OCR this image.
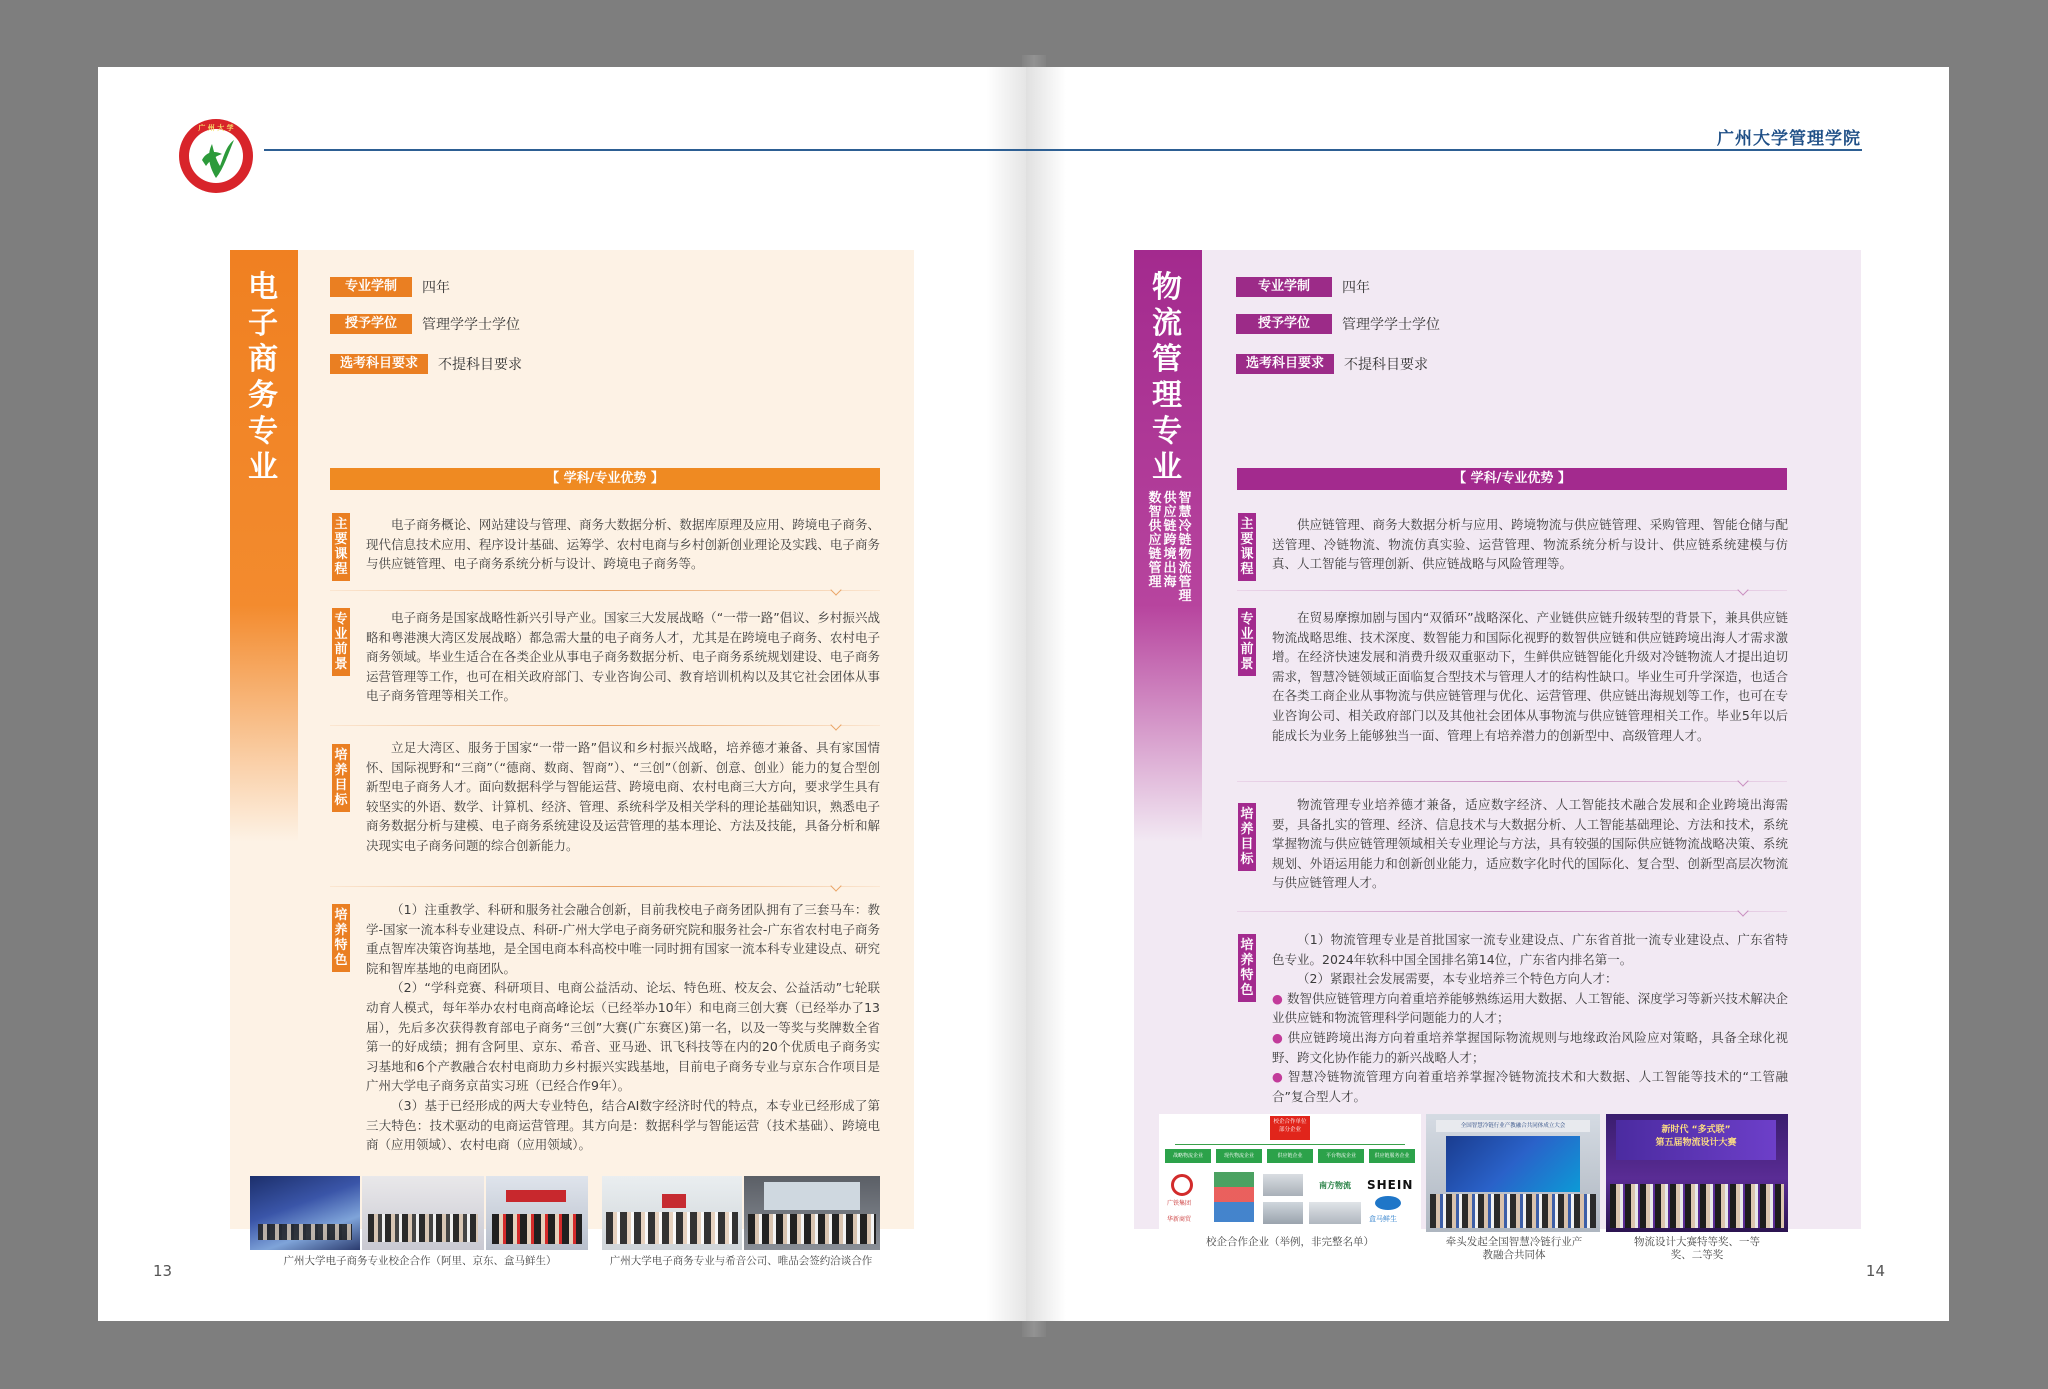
广 州 大 学
电子商务专业
专业学制	四年
授予学位	管理学学士学位
选考科目要求	不提科目要求
【 学科/专业优势 】
主要课程

电子商务概论、网站建设与管理、商务大数据分析、数据库原理及应用、跨境电子商务、现代信息技术应用、程序设计基础、运筹学、农村电商与乡村创新创业理论及实践、电子商务与供应链管理、电子商务系统分析与设计、跨境电子商务等。

专业前景

电子商务是国家战略性新兴引导产业。国家三大发展战略（“一带一路”倡议、乡村振兴战略和粤港澳大湾区发展战略）都急需大量的电子商务人才，尤其是在跨境电子商务、农村电子商务领域。毕业生适合在各类企业从事电子商务数据分析、电子商务系统规划建设、电子商务运营管理等工作，也可在相关政府部门、专业咨询公司、教育培训机构以及其它社会团体从事电子商务管理等相关工作。

培养目标

立足大湾区、服务于国家“一带一路”倡议和乡村振兴战略，培养德才兼备、具有家国情怀、国际视野和“三商”（“德商、数商、智商”）、“三创”（创新、创意、创业）能力的复合型创新型电子商务人才。面向数据科学与智能运营、跨境电商、农村电商三大方向，要求学生具有较坚实的外语、数学、计算机、经济、管理、系统科学及相关学科的理论基础知识，熟悉电子商务数据分析与建模、电子商务系统建设及运营管理的基本理论、方法及技能，具备分析和解决现实电子商务问题的综合创新能力。

培养特色

（1）注重教学、科研和服务社会融合创新，目前我校电子商务团队拥有了三套马车：教学-国家一流本科专业建设点、科研-广州大学电子商务研究院和服务社会-广东省农村电子商务重点智库决策咨询基地，是全国电商本科高校中唯一同时拥有国家一流本科专业建设点、研究院和智库基地的电商团队。

（2）“学科竞赛、科研项目、电商公益活动、论坛、特色班、校友会、公益活动”七轮联动育人模式，每年举办农村电商高峰论坛（已经举办10年）和电商三创大赛（已经举办了13届），先后多次获得教育部电子商务“三创”大赛(广东赛区)第一名，以及一等奖与奖牌数全省第一的好成绩；拥有含阿里、京东、希音、亚马逊、讯飞科技等在内的20个优质电子商务实习基地和6个产教融合农村电商助力乡村振兴实践基地，目前电子商务专业与京东合作项目是广州大学电子商务京苗实习班（已经合作9年）。

（3）基于已经形成的两大专业特色，结合AI数字经济时代的特点，本专业已经形成了第三大特色：技术驱动的电商运营管理。其方向是：数据科学与智能运营（技术基础）、跨境电商（应用领域）、农村电商（应用领域）。

广州大学电子商务专业校企合作（阿里、京东、盒马鲜生）	广州大学电子商务专业与希音公司、唯品会签约洽谈合作
13
广州大学管理学院
物流管理专业
数智供应链管理
供应链跨境出海
智慧冷链物流管理
专业学制	四年
授予学位	管理学学士学位
选考科目要求	不提科目要求
【 学科/专业优势 】
主要课程

供应链管理、商务大数据分析与应用、跨境物流与供应链管理、采购管理、智能仓储与配送管理、冷链物流、物流仿真实验、运营管理、物流系统分析与设计、供应链系统建模与仿真、人工智能与管理创新、供应链战略与风险管理等。

专业前景

在贸易摩擦加剧与国内“双循环”战略深化、产业链供应链升级转型的背景下，兼具供应链物流战略思维、技术深度、数智能力和国际化视野的数智供应链和供应链跨境出海人才需求激增。在经济快速发展和消费升级双重驱动下，生鲜供应链智能化升级对冷链物流人才提出迫切需求，智慧冷链领域正面临复合型技术与管理人才的结构性缺口。毕业生可升学深造，也适合在各类工商企业从事物流与供应链管理与优化、运营管理、供应链出海规划等工作，也可在专业咨询公司、相关政府部门以及其他社会团体从事物流与供应链管理相关工作。毕业5年以后能成长为业务上能够独当一面、管理上有培养潜力的创新型中、高级管理人才。

培养目标

物流管理专业培养德才兼备，适应数字经济、人工智能技术融合发展和企业跨境出海需要，具备扎实的管理、经济、信息技术与大数据分析、人工智能基础理论、方法和技术，系统掌握物流与供应链管理领域相关专业理论与方法，具有较强的国际供应链物流战略决策、系统规划、外语运用能力和创新创业能力，适应数字化时代的国际化、复合型、创新型高层次物流与供应链管理人才。

培养特色

（1）物流管理专业是首批国家一流专业建设点、广东省首批一流专业建设点、广东省特色专业。2024年软科中国全国排名第14位，广东省内排名第一。

（2）紧跟社会发展需要，本专业培养三个特色方向人才：

● 数智供应链管理方向着重培养能够熟练运用大数据、人工智能、深度学习等新兴技术解决企业供应链和物流管理科学问题能力的人才；

● 供应链跨境出海方向着重培养掌握国际物流规则与地缘政治风险应对策略，具备全球化视野、跨文化协作能力的新兴战略人才；

● 智慧冷链物流管理方向着重培养掌握冷链物流技术和大数据、人工智能等技术的“工管融合”复合型人才。

校企合作单位
部分企业
战略物流企业	现代物流企业	供应链企业	平台物流企业	供应链服务企业
广铁集团
华新商贸
南方物流	SHEIN
盒马鲜生
全国智慧冷链行业产教融合共同体成立大会	新时代 “多式联”
第五届物流设计大赛
校企合作企业（举例，非完整名单）	牵头发起全国智慧冷链行业产教融合共同体
物流设计大赛特等奖、一等奖、二等奖
14
